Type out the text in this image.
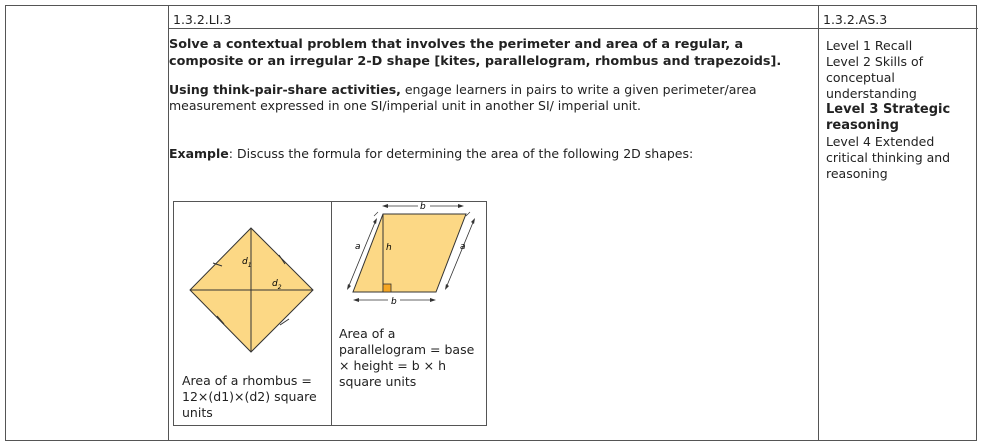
1.3.2.LI.3	1.3.2.AS.3

Solve a contextual problem that involves the perimeter and area of a regular, a composite or an irregular 2-D shape [kites, parallelogram, rhombus and trapezoids].

Using think-pair-share activities, engage learners in pairs to write a given perimeter/area measurement expressed in one SI/imperial unit in another SI/ imperial unit.

Example: Discuss the formula for determining the area of the following 2D shapes:

Level 1 Recall
Level 2 Skills of conceptual understanding
Level 3 Strategic reasoning
Level 4 Extended critical thinking and reasoning
$d_1$
$d_2$
Area of a rhombus = 12×(d1)×(d2) square units
b
b
a	a
h
Area of a parallelogram = base × height = b × h square units
